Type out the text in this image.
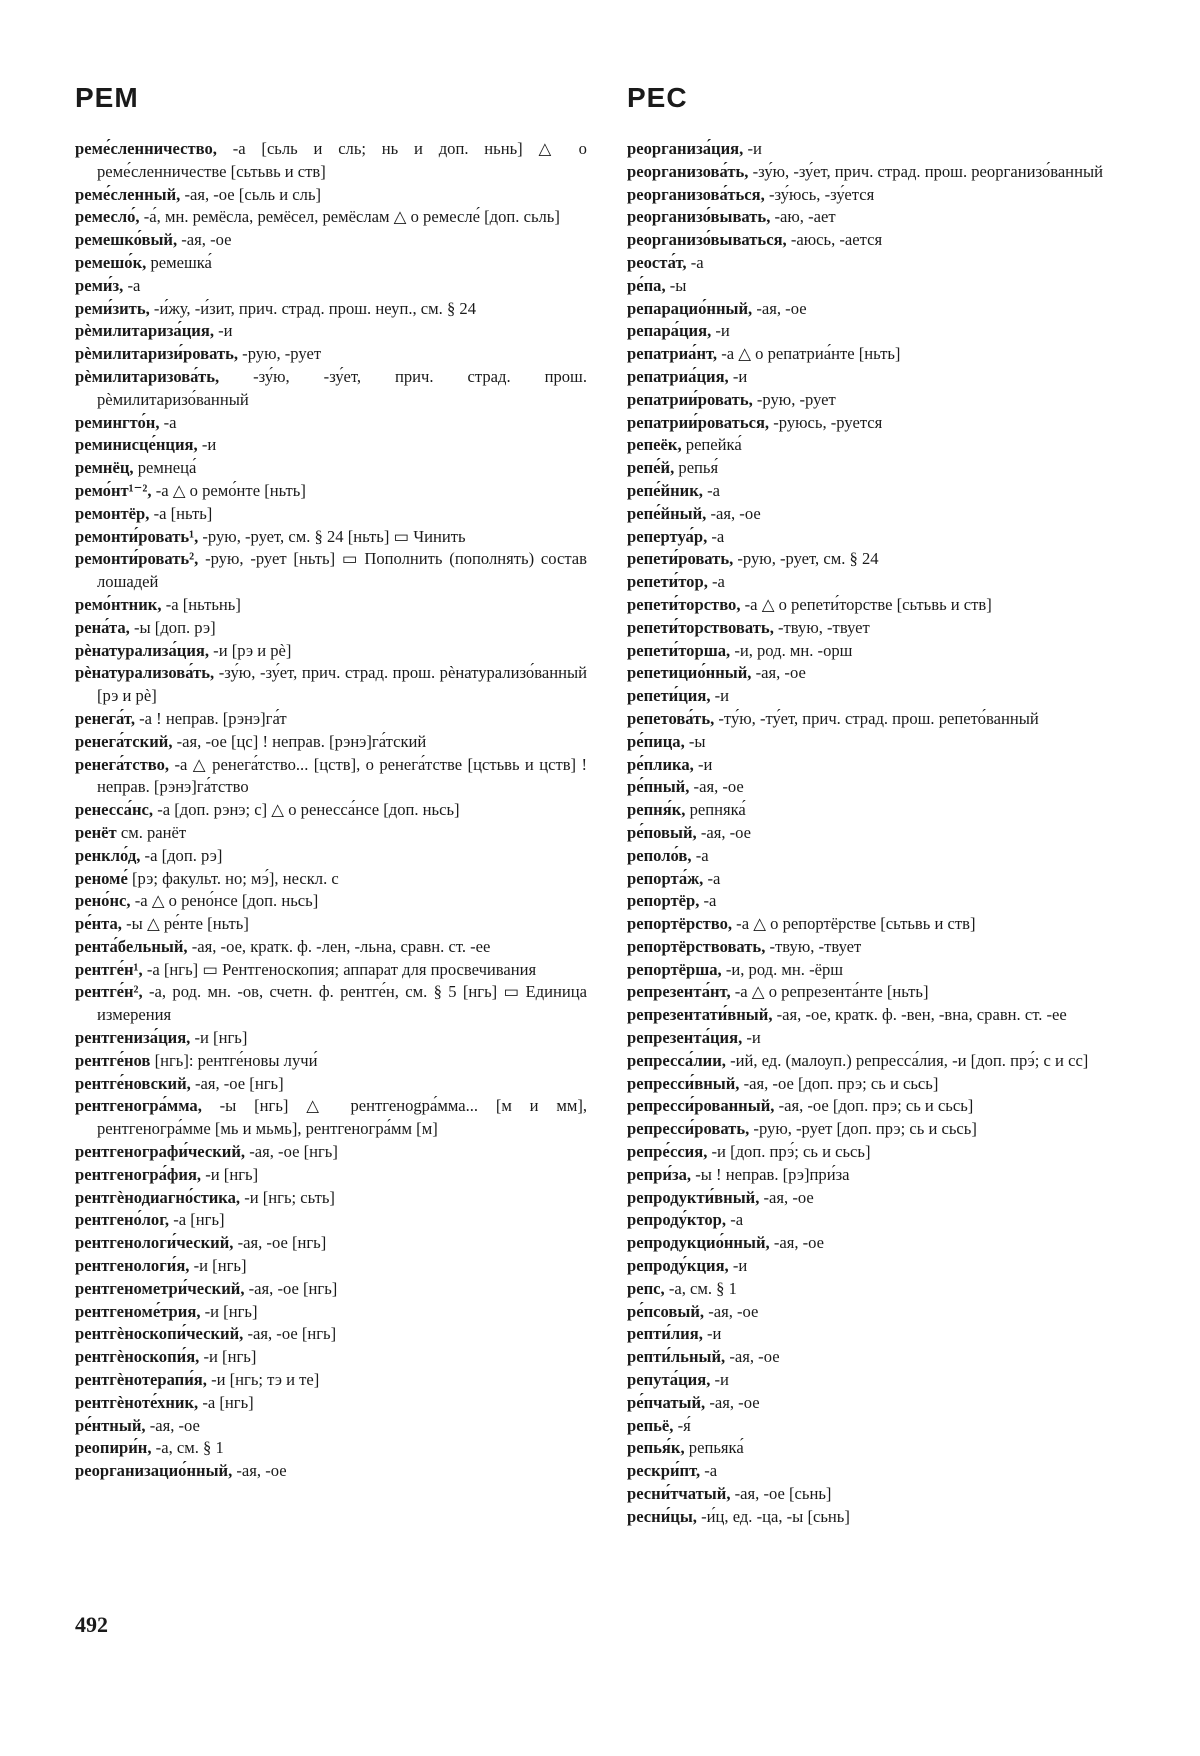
РЕМ	РЕС

реме́сленничество, -а [сьль и сль; нь и доп. ньнь] △ о реме́сленничестве [сьтьвь и ств]

реме́сленный, -ая, -ое [сьль и сль]

ремесло́, -а́, мн. ремёсла, ремёсел, ремёслам △ о ремесле́ [доп. сьль]

ремешко́вый, -ая, -ое

ремешо́к, ремешка́

реми́з, -а

реми́зить, -и́жу, -и́зит, прич. страд. прош. неуп., см. § 24

рѐмилитариза́ция, -и

рѐмилитаризи́ровать, -рую, -рует

рѐмилитаризова́ть, -зу́ю, -зу́ет, прич. страд. прош. рѐмилитаризо́ванный

ремингто́н, -а

реминисце́нция, -и

ремнёц, ремнеца́

ремо́нт¹⁻², -а △ о ремо́нте [ньть]

ремонтёр, -а [ньть]

ремонти́ровать¹, -рую, -рует, см. § 24 [ньть] ▭ Чинить

ремонти́ровать², -рую, -рует [ньть] ▭ Пополнить (пополнять) состав лошадей

ремо́нтник, -а [ньтьнь]

рена́та, -ы [доп. рэ]

рѐнатурализа́ция, -и [рэ и рѐ]

рѐнатурализова́ть, -зу́ю, -зу́ет, прич. страд. прош. рѐнатурализо́ванный [рэ и рѐ]

ренега́т, -а ! неправ. [рэнэ]га́т

ренега́тский, -ая, -ое [цс] ! неправ. [рэнэ]га́тский

ренега́тство, -а △ ренега́тство... [цств], о ренега́тстве [цстьвь и цств] ! неправ. [рэнэ]га́тство

ренесса́нс, -а [доп. рэнэ; с] △ о ренесса́нсе [доп. ньсь]

ренёт см. ранёт

ренкло́д, -а [доп. рэ]

реноме́ [рэ; факульт. но; мэ́], нескл. с

рено́нс, -а △ о рено́нсе [доп. ньсь]

ре́нта, -ы △ ре́нте [ньть]

рента́бельный, -ая, -ое, кратк. ф. -лен, -льна, сравн. ст. -ее

рентге́н¹, -а [нгь] ▭ Рентгеноскопия; аппарат для просвечивания

рентге́н², -а, род. мн. -ов, счетн. ф. рентге́н, см. § 5 [нгь] ▭ Единица измерения

рентгениза́ция, -и [нгь]

рентге́нов [нгь]: рентге́новы лучи́

рентге́новский, -ая, -ое [нгь]

рентгеногра́мма, -ы [нгь] △ рентгенogра́мма... [м и мм], рентгеногра́мме [мь и мьмь], рентгеногра́мм [м]

рентгенографи́ческий, -ая, -ое [нгь]

рентгеногра́фия, -и [нгь]

рентгѐнодиагно́стика, -и [нгь; сьть]

рентгено́лог, -а [нгь]

рентгенологи́ческий, -ая, -ое [нгь]

рентгенологи́я, -и [нгь]

рентгенометри́ческий, -ая, -ое [нгь]

рентгеноме́трия, -и [нгь]

рентгѐноскопи́ческий, -ая, -ое [нгь]

рентгѐноскопи́я, -и [нгь]

рентгѐнотерапи́я, -и [нгь; тэ и те]

рентгѐноте́хник, -а [нгь]

ре́нтный, -ая, -ое

реопири́н, -а, см. § 1

реорганизацио́нный, -ая, -ое

реорганиза́ция, -и

реорганизова́ть, -зу́ю, -зу́ет, прич. страд. прош. реорганизо́ванный

реорганизова́ться, -зу́юсь, -зу́ется

реорганизо́вывать, -аю, -ает

реорганизо́вываться, -аюсь, -ается

реоста́т, -а

ре́па, -ы

репарацио́нный, -ая, -ое

репара́ция, -и

репатриа́нт, -а △ о репатриа́нте [ньть]

репатриа́ция, -и

репатрии́ровать, -рую, -рует

репатрии́роваться, -руюсь, -руется

репеёк, репейка́

репе́й, репья́

репе́йник, -а

репе́йный, -ая, -ое

репертуа́р, -а

репети́ровать, -рую, -рует, см. § 24

репети́тор, -а

репети́торство, -а △ о репети́торстве [сьтьвь и ств]

репети́торствовать, -твую, -твует

репети́торша, -и, род. мн. -орш

репетицио́нный, -ая, -ое

репети́ция, -и

репетова́ть, -ту́ю, -ту́ет, прич. страд. прош. репето́ванный

ре́пица, -ы

ре́плика, -и

ре́пный, -ая, -ое

репня́к, репняка́

ре́повый, -ая, -ое

реполо́в, -а

репорта́ж, -а

репортёр, -а

репортёрство, -а △ о репортёрстве [сьтьвь и ств]

репортёрствовать, -твую, -твует

репортёрша, -и, род. мн. -ёрш

репрезента́нт, -а △ о репрезента́нте [ньть]

репрезентати́вный, -ая, -ое, кратк. ф. -вен, -вна, сравн. ст. -ее

репрезента́ция, -и

репресса́лии, -ий, ед. (малоуп.) репресса́лия, -и [доп. прэ́; с и сс]

репресси́вный, -ая, -ое [доп. прэ; сь и сьсь]

репресси́рованный, -ая, -ое [доп. прэ; сь и сьсь]

репресси́ровать, -рую, -рует [доп. прэ; сь и сьсь]

репре́ссия, -и [доп. прэ́; сь и сьсь]

репри́за, -ы ! неправ. [рэ]при́за

репродукти́вный, -ая, -ое

репроду́ктор, -а

репродукцио́нный, -ая, -ое

репроду́кция, -и

репс, -а, см. § 1

ре́псовый, -ая, -ое

репти́лия, -и

репти́льный, -ая, -ое

репута́ция, -и

ре́пчатый, -ая, -ое

репьё, -я́

репья́к, репьяка́

рескри́пт, -а

ресни́тчатый, -ая, -ое [сьнь]

ресни́цы, -и́ц, ед. -ца, -ы [сьнь]

492
